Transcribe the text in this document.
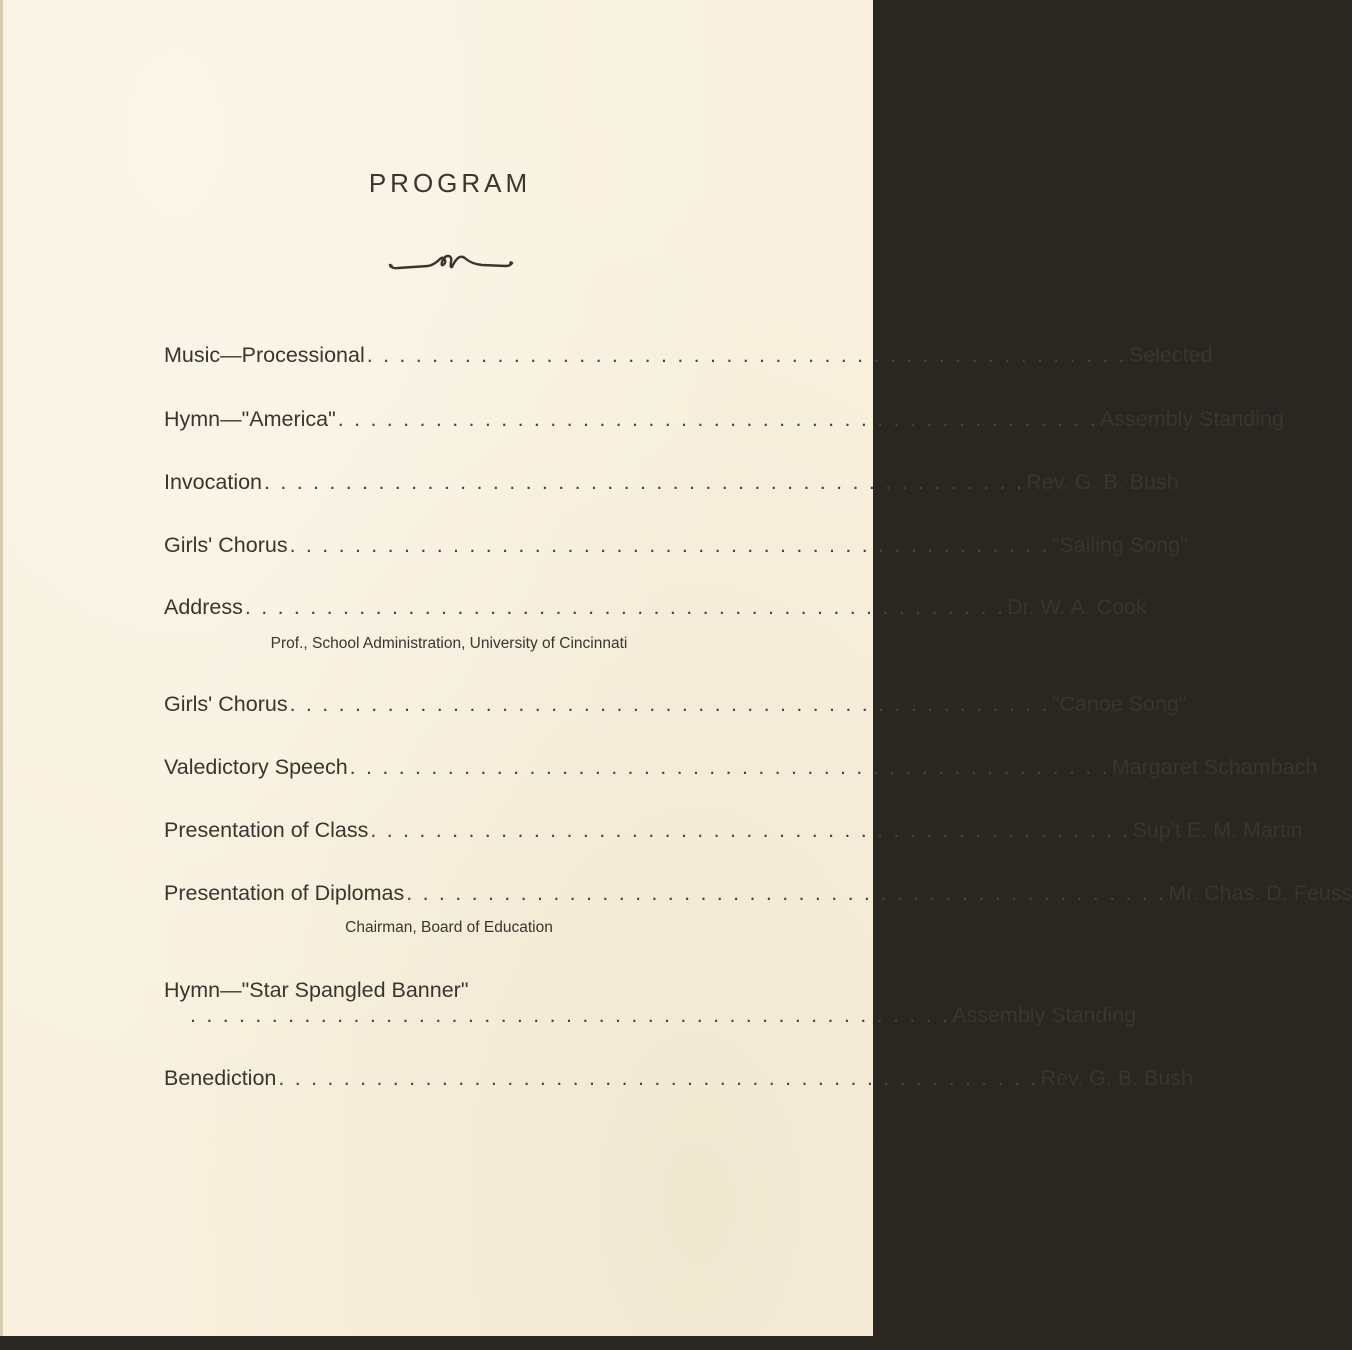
PROGRAM
Music—Processional . . . . . . . . . . . . . . . . . . . . . . . . . . . . . . . . . . . . . . . . . . . . . . . Selected
Hymn—"America" . . . . . . . . . . . . . . . . . . . . . . . . . . . . . . . . . . . . . . . . . . . . . . . Assembly Standing
Invocation . . . . . . . . . . . . . . . . . . . . . . . . . . . . . . . . . . . . . . . . . . . . . . . Rev. G. B. Bush
Girls' Chorus . . . . . . . . . . . . . . . . . . . . . . . . . . . . . . . . . . . . . . . . . . . . . . . "Sailing Song"
Address . . . . . . . . . . . . . . . . . . . . . . . . . . . . . . . . . . . . . . . . . . . . . . . Dr. W. A. Cook
Prof., School Administration, University of Cincinnati
Girls' Chorus . . . . . . . . . . . . . . . . . . . . . . . . . . . . . . . . . . . . . . . . . . . . . . . "Canoe Song"
Valedictory Speech . . . . . . . . . . . . . . . . . . . . . . . . . . . . . . . . . . . . . . . . . . . . . . . Margaret Schambach
Presentation of Class . . . . . . . . . . . . . . . . . . . . . . . . . . . . . . . . . . . . . . . . . . . . . . . Sup't E. M. Martin
Presentation of Diplomas . . . . . . . . . . . . . . . . . . . . . . . . . . . . . . . . . . . . . . . . . . . . . . . Mr. Chas. D. Feuss
Chairman, Board of Education
Hymn—"Star Spangled Banner"
. . . . . . . . . . . . . . . . . . . . . . . . . . . . . . . . . . . . . . . . . . . . . . . Assembly Standing
Benediction . . . . . . . . . . . . . . . . . . . . . . . . . . . . . . . . . . . . . . . . . . . . . . . Rev. G. B. Bush
